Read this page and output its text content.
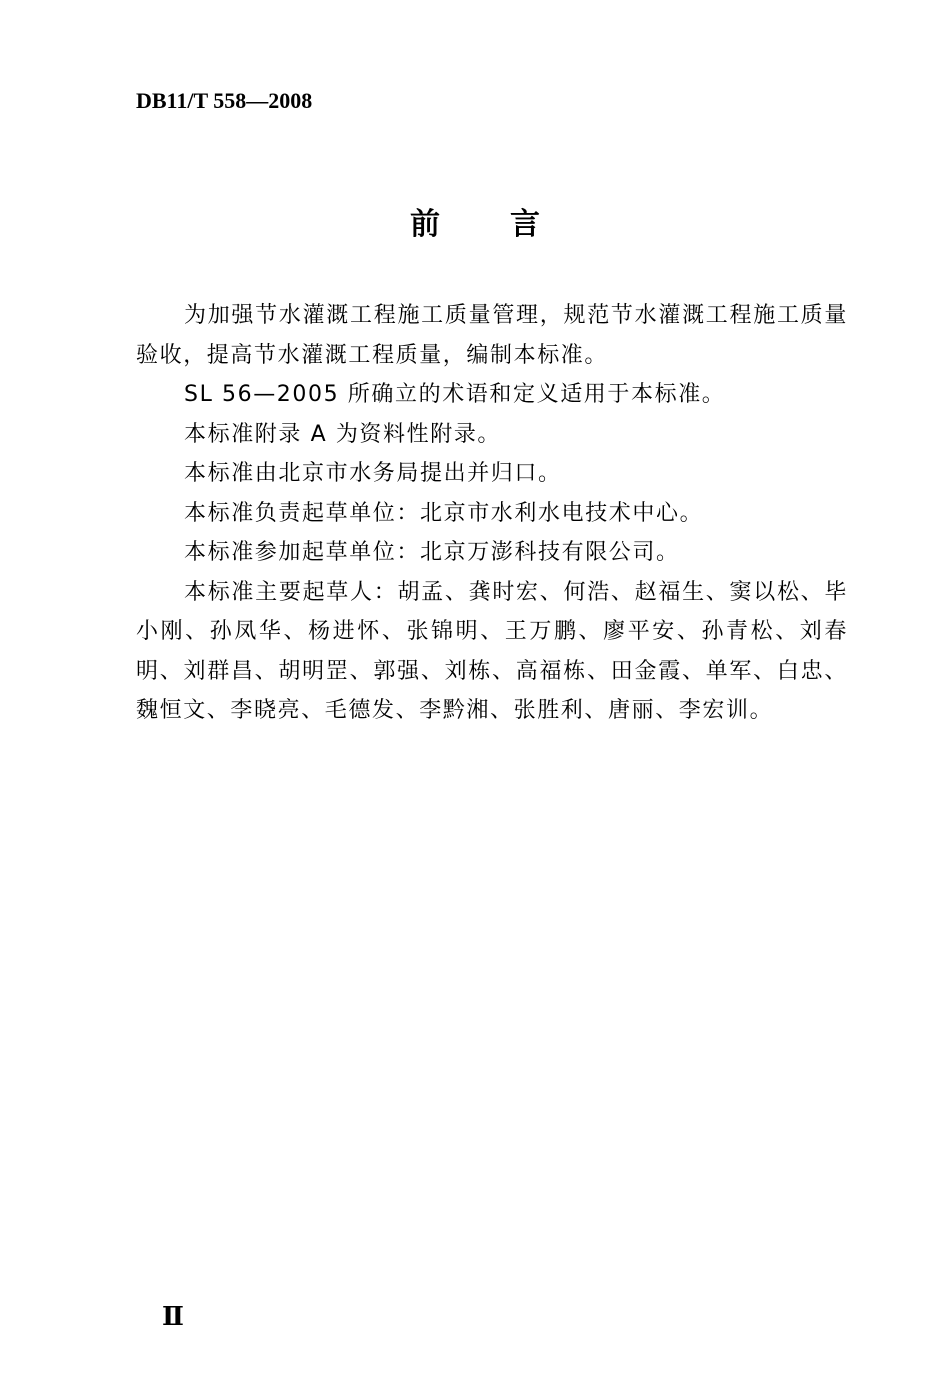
DB11/T 558—2008
前 言

为加强节水灌溉工程施工质量管理，规范节水灌溉工程施工质量验收，提高节水灌溉工程质量，编制本标准。

SL 56—2005 所确立的术语和定义适用于本标准。

本标准附录 A 为资料性附录。

本标准由北京市水务局提出并归口。

本标准负责起草单位：北京市水利水电技术中心。

本标准参加起草单位：北京万澎科技有限公司。

本标准主要起草人：胡孟、龚时宏、何浩、赵福生、窦以松、毕小刚、孙凤华、杨进怀、张锦明、王万鹏、廖平安、孙青松、刘春明、刘群昌、胡明罡、郭强、刘栋、高福栋、田金霞、单军、白忠、魏恒文、李晓亮、毛德发、李黔湘、张胜利、唐丽、李宏训。

Ⅱ
